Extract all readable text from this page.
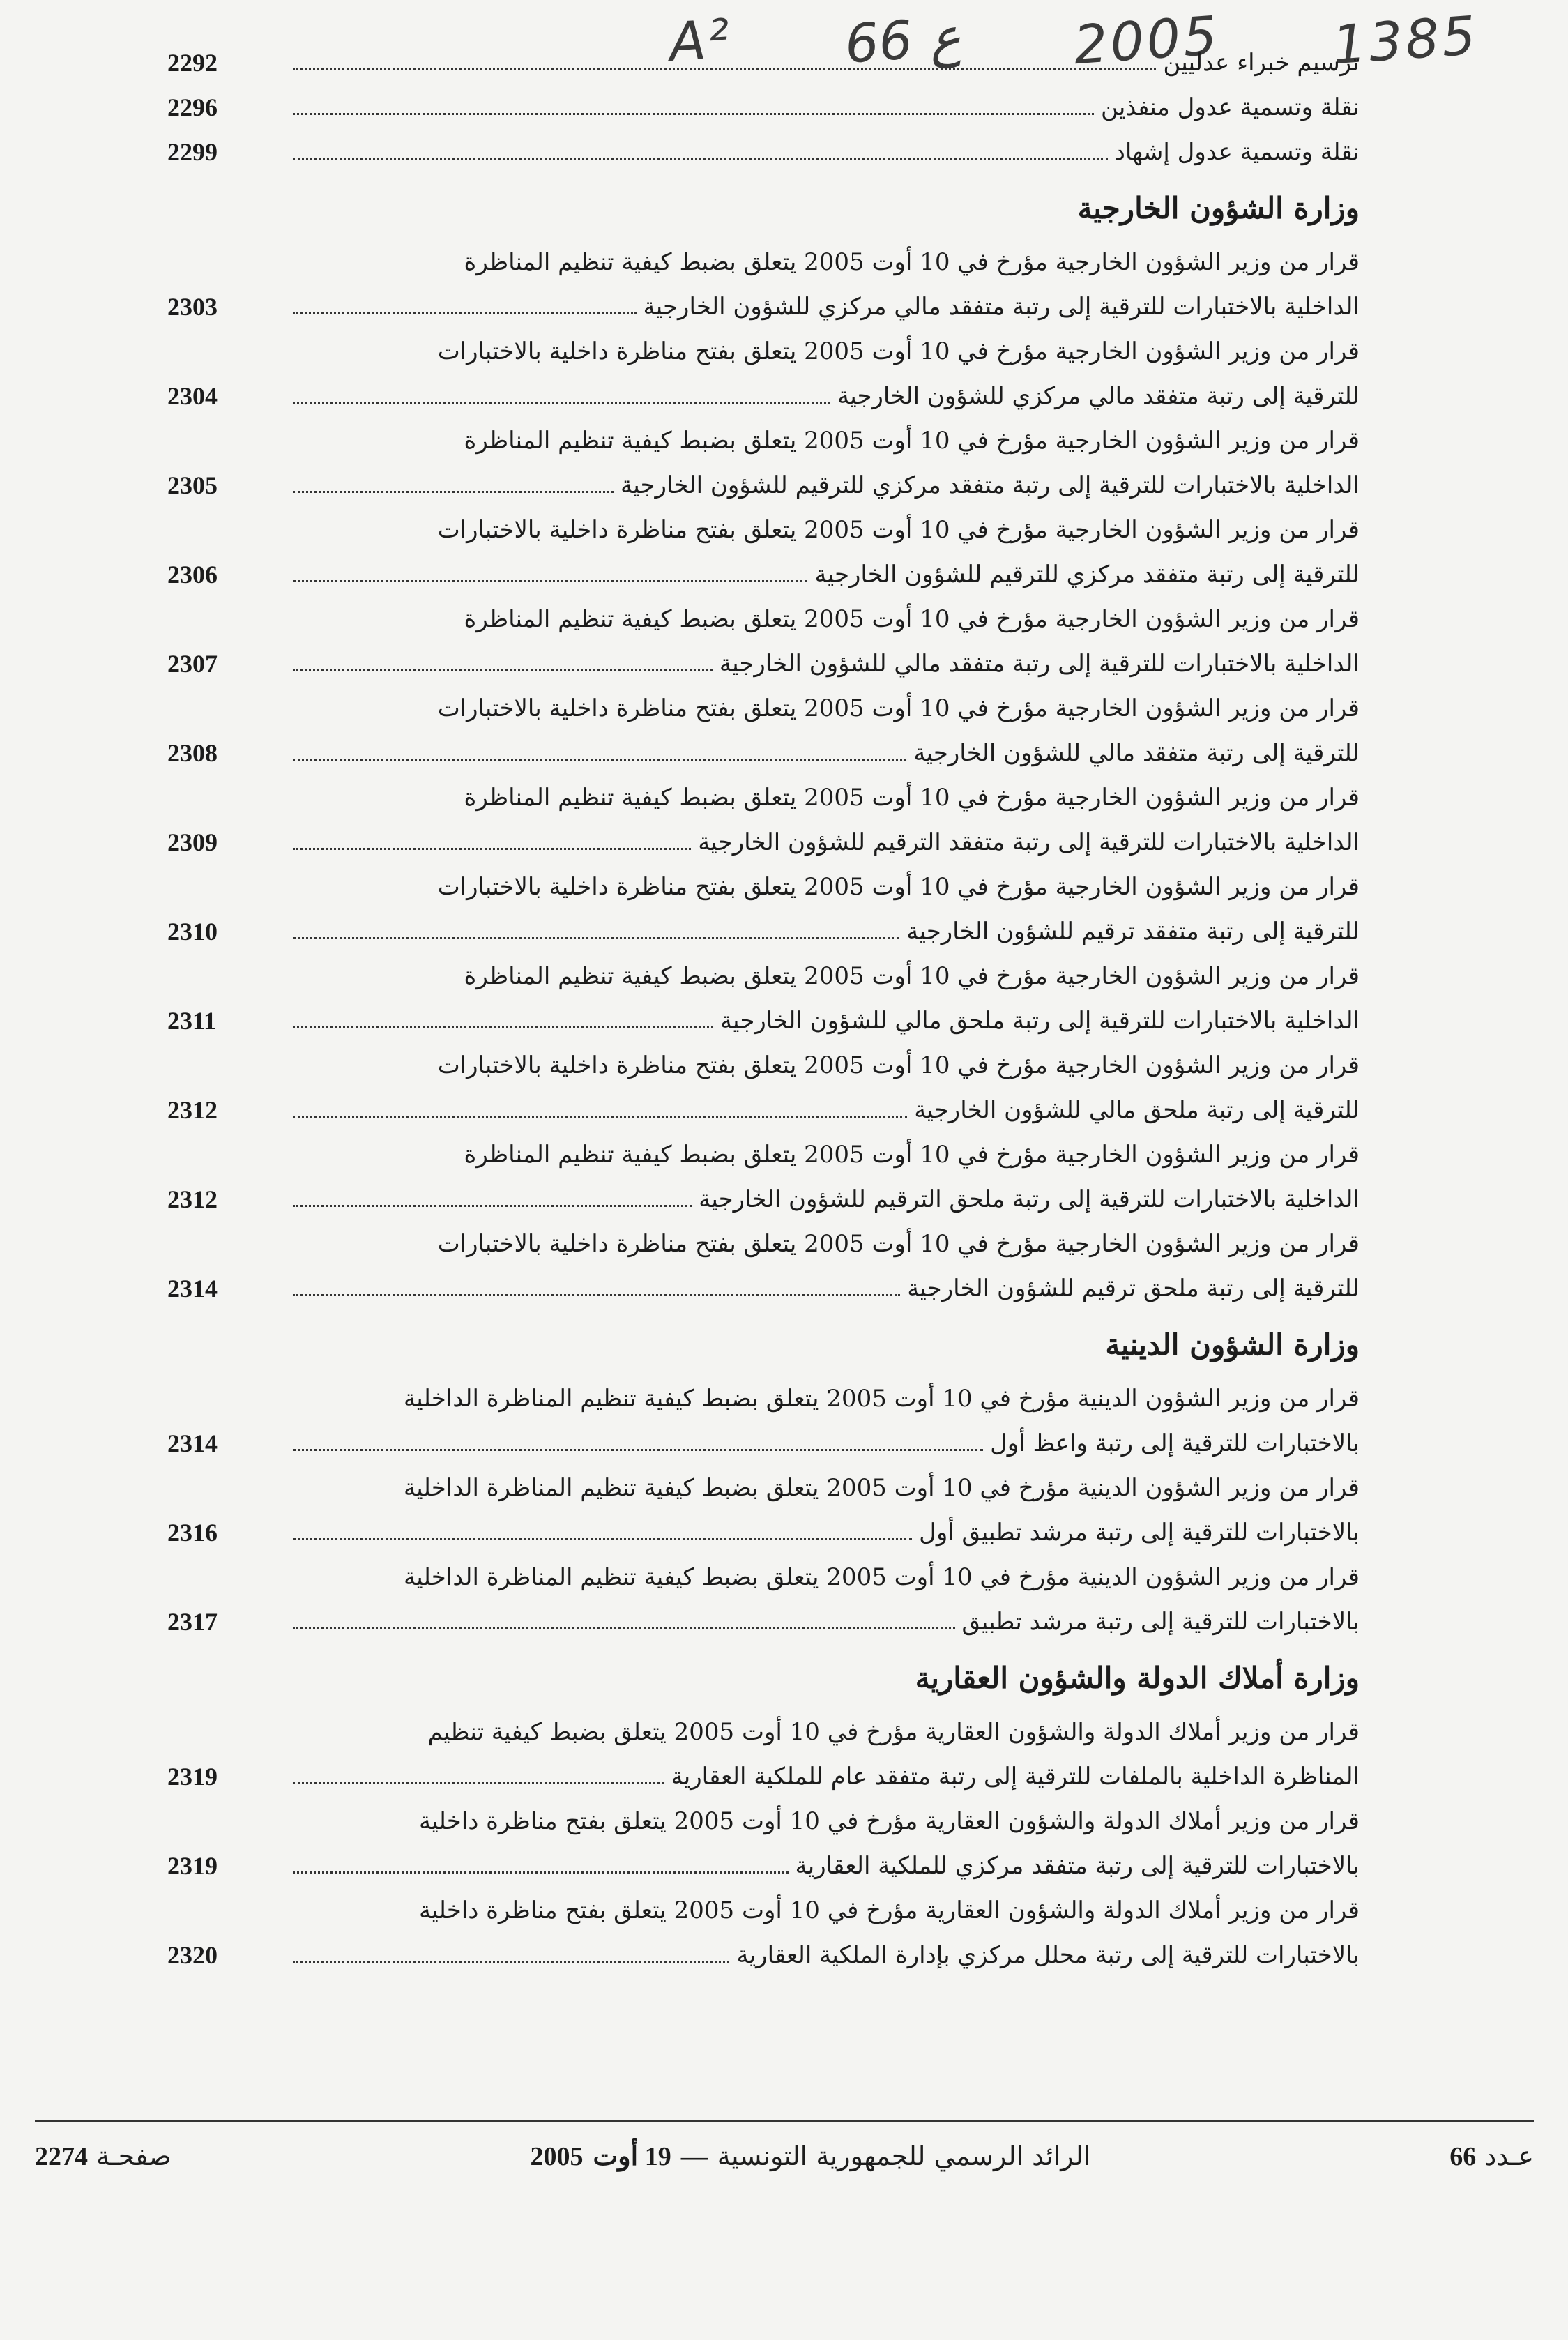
A² 66 ع 2005 1385
ترسيم خبراء عدليين
2292
نقلة وتسمية عدول منفذين
2296
نقلة وتسمية عدول إشهاد
2299
وزارة الشؤون الخارجية
قرار من وزير الشؤون الخارجية مؤرخ في 10 أوت 2005 يتعلق بضبط كيفية تنظيم المناظرة
الداخلية بالاختبارات للترقية إلى رتبة متفقد مالي مركزي للشؤون الخارجية
2303
قرار من وزير الشؤون الخارجية مؤرخ في 10 أوت 2005 يتعلق بفتح مناظرة داخلية بالاختبارات
للترقية إلى رتبة متفقد مالي مركزي للشؤون الخارجية
2304
قرار من وزير الشؤون الخارجية مؤرخ في 10 أوت 2005 يتعلق بضبط كيفية تنظيم المناظرة
الداخلية بالاختبارات للترقية إلى رتبة متفقد مركزي للترقيم للشؤون الخارجية
2305
قرار من وزير الشؤون الخارجية مؤرخ في 10 أوت 2005 يتعلق بفتح مناظرة داخلية بالاختبارات
للترقية إلى رتبة متفقد مركزي للترقيم للشؤون الخارجية
2306
قرار من وزير الشؤون الخارجية مؤرخ في 10 أوت 2005 يتعلق بضبط كيفية تنظيم المناظرة
الداخلية بالاختبارات للترقية إلى رتبة متفقد مالي للشؤون الخارجية
2307
قرار من وزير الشؤون الخارجية مؤرخ في 10 أوت 2005 يتعلق بفتح مناظرة داخلية بالاختبارات
للترقية إلى رتبة متفقد مالي للشؤون الخارجية
2308
قرار من وزير الشؤون الخارجية مؤرخ في 10 أوت 2005 يتعلق بضبط كيفية تنظيم المناظرة
الداخلية بالاختبارات للترقية إلى رتبة متفقد الترقيم للشؤون الخارجية
2309
قرار من وزير الشؤون الخارجية مؤرخ في 10 أوت 2005 يتعلق بفتح مناظرة داخلية بالاختبارات
للترقية إلى رتبة متفقد ترقيم للشؤون الخارجية
2310
قرار من وزير الشؤون الخارجية مؤرخ في 10 أوت 2005 يتعلق بضبط كيفية تنظيم المناظرة
الداخلية بالاختبارات للترقية إلى رتبة ملحق مالي للشؤون الخارجية
2311
قرار من وزير الشؤون الخارجية مؤرخ في 10 أوت 2005 يتعلق بفتح مناظرة داخلية بالاختبارات
للترقية إلى رتبة ملحق مالي للشؤون الخارجية
2312
قرار من وزير الشؤون الخارجية مؤرخ في 10 أوت 2005 يتعلق بضبط كيفية تنظيم المناظرة
الداخلية بالاختبارات للترقية إلى رتبة ملحق الترقيم للشؤون الخارجية
2312
قرار من وزير الشؤون الخارجية مؤرخ في 10 أوت 2005 يتعلق بفتح مناظرة داخلية بالاختبارات
للترقية إلى رتبة ملحق ترقيم للشؤون الخارجية
2314
وزارة الشؤون الدينية
قرار من وزير الشؤون الدينية مؤرخ في 10 أوت 2005 يتعلق بضبط كيفية تنظيم المناظرة الداخلية
بالاختبارات للترقية إلى رتبة واعظ أول
2314
قرار من وزير الشؤون الدينية مؤرخ في 10 أوت 2005 يتعلق بضبط كيفية تنظيم المناظرة الداخلية
بالاختبارات للترقية إلى رتبة مرشد تطبيق أول
2316
قرار من وزير الشؤون الدينية مؤرخ في 10 أوت 2005 يتعلق بضبط كيفية تنظيم المناظرة الداخلية
بالاختبارات للترقية إلى رتبة مرشد تطبيق
2317
وزارة أملاك الدولة والشؤون العقارية
قرار من وزير أملاك الدولة والشؤون العقارية مؤرخ في 10 أوت 2005 يتعلق بضبط كيفية تنظيم
المناظرة الداخلية بالملفات للترقية إلى رتبة متفقد عام للملكية العقارية
2319
قرار من وزير أملاك الدولة والشؤون العقارية مؤرخ في 10 أوت 2005 يتعلق بفتح مناظرة داخلية
بالاختبارات للترقية إلى رتبة متفقد مركزي للملكية العقارية
2319
قرار من وزير أملاك الدولة والشؤون العقارية مؤرخ في 10 أوت 2005 يتعلق بفتح مناظرة داخلية
بالاختبارات للترقية إلى رتبة محلل مركزي بإدارة الملكية العقارية
2320
صفحـة 2274	الرائد الرسمي للجمهورية التونسية
—
19 أوت
2005	عـدد 66
